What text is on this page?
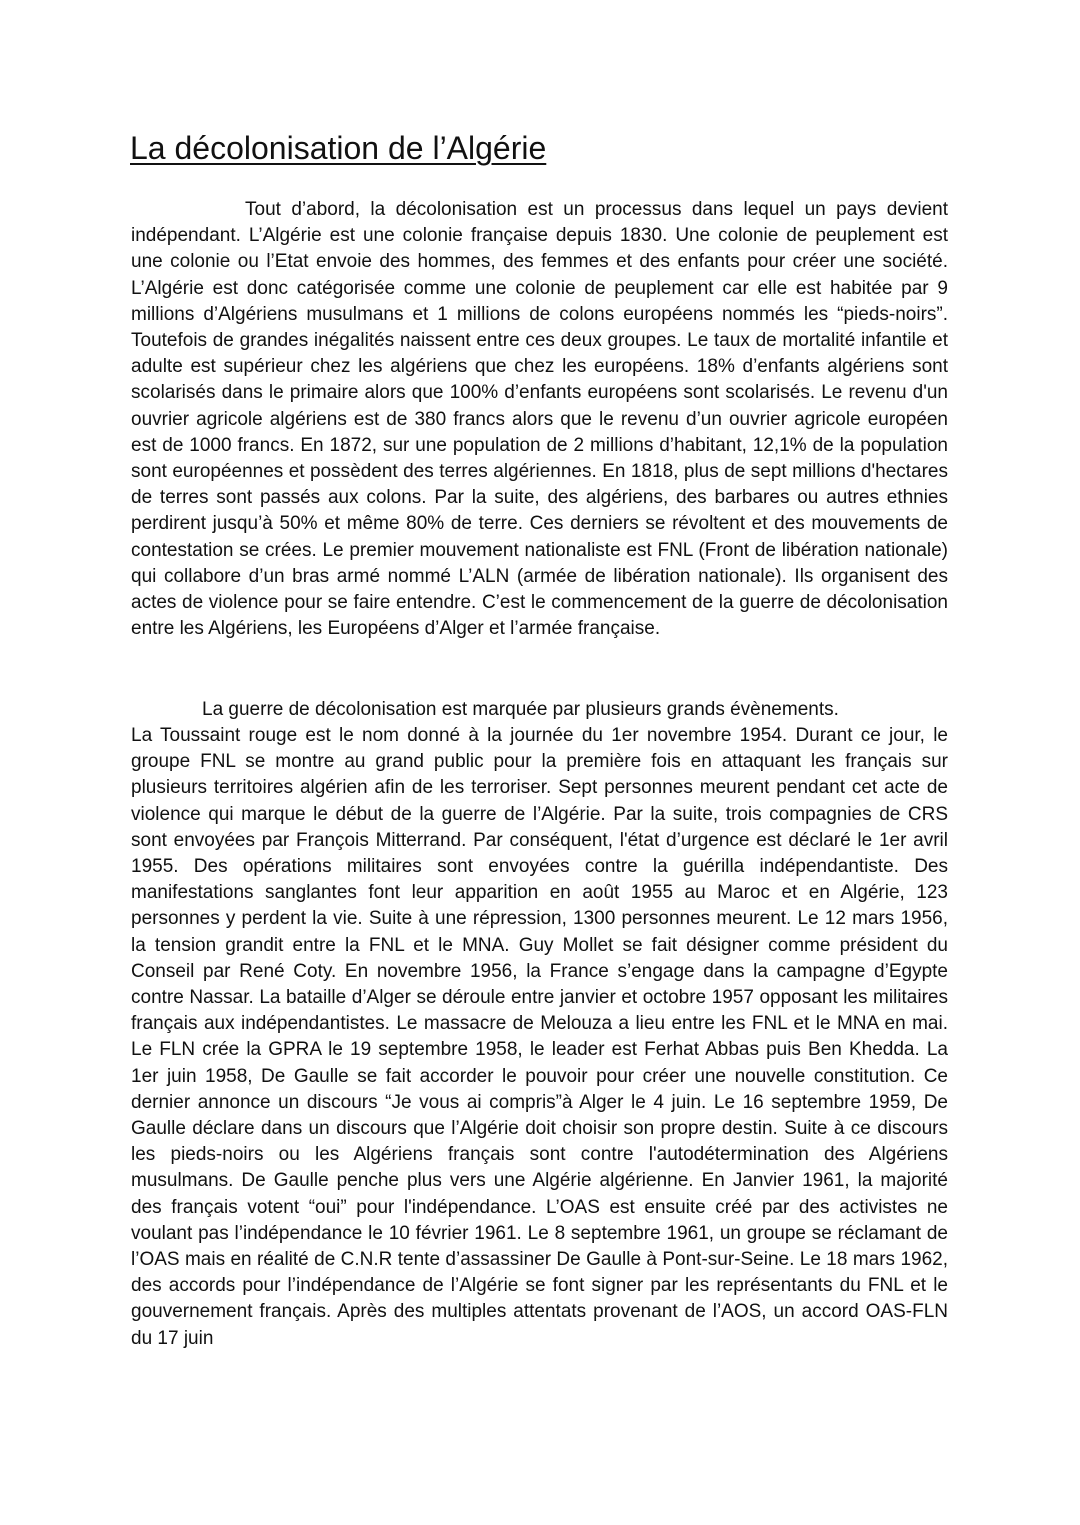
La décolonisation de l’Algérie

Tout d’abord, la décolonisation est un processus dans lequel un pays devient indépendant. L’Algérie est une colonie française depuis 1830. Une colonie de peuplement est une colonie ou l’Etat envoie des hommes, des femmes et des enfants pour créer une société. L’Algérie est donc catégorisée comme une colonie de peuplement car elle est habitée par 9 millions d’Algériens musulmans et 1 millions de colons européens nommés les “pieds-noirs”. Toutefois de grandes inégalités naissent entre ces deux groupes. Le taux de mortalité infantile et adulte est supérieur chez les algériens que chez les européens. 18% d’enfants algériens sont scolarisés dans le primaire alors que 100% d’enfants européens sont scolarisés. Le revenu d'un ouvrier agricole algériens est de 380 francs alors que le revenu d’un ouvrier agricole européen est de 1000 francs. En 1872, sur une population de 2 millions d’habitant, 12,1% de la population sont européennes et possèdent des terres algériennes. En 1818, plus de sept millions d'hectares de terres sont passés aux colons. Par la suite, des algériens, des barbares ou autres ethnies perdirent jusqu’à 50% et même 80% de terre. Ces derniers se révoltent et des mouvements de contestation se crées. Le premier mouvement nationaliste est FNL (Front de libération nationale) qui collabore d’un bras armé nommé L’ALN (armée de libération nationale). Ils organisent des actes de violence pour se faire entendre. C’est le commencement de la guerre de décolonisation entre les Algériens, les Européens d’Alger et l’armée française.

La guerre de décolonisation est marquée par plusieurs grands évènements.

La Toussaint rouge est le nom donné à la journée du 1er novembre 1954. Durant ce jour, le groupe FNL se montre au grand public pour la première fois en attaquant les français sur plusieurs territoires algérien afin de les terroriser. Sept personnes meurent pendant cet acte de violence qui marque le début de la guerre de l’Algérie. Par la suite, trois compagnies de CRS sont envoyées par François Mitterrand. Par conséquent, l'état d’urgence est déclaré le 1er avril 1955. Des opérations militaires sont envoyées contre la guérilla indépendantiste. Des manifestations sanglantes font leur apparition en août 1955 au Maroc et en Algérie, 123 personnes y perdent la vie. Suite à une répression, 1300 personnes meurent. Le 12 mars 1956, la tension grandit entre la FNL et le MNA. Guy Mollet se fait désigner comme président du Conseil par René Coty. En novembre 1956, la France s’engage dans la campagne d’Egypte contre Nassar. La bataille d’Alger se déroule entre janvier et octobre 1957 opposant les militaires français aux indépendantistes. Le massacre de Melouza a lieu entre les FNL et le MNA en mai. Le FLN crée la GPRA le 19 septembre 1958, le leader est Ferhat Abbas puis Ben Khedda. La 1er juin 1958, De Gaulle se fait accorder le pouvoir pour créer une nouvelle constitution. Ce dernier annonce un discours “Je vous ai compris”à Alger le 4 juin. Le 16 septembre 1959, De Gaulle déclare dans un discours que l’Algérie doit choisir son propre destin. Suite à ce discours les pieds-noirs ou les Algériens français sont contre l'autodétermination des Algériens musulmans. De Gaulle penche plus vers une Algérie algérienne. En Janvier 1961, la majorité des français votent “oui” pour l'indépendance. L’OAS est ensuite créé par des activistes ne voulant pas l’indépendance le 10 février 1961. Le 8 septembre 1961, un groupe se réclamant de l’OAS mais en réalité de C.N.R tente d’assassiner De Gaulle à Pont-sur-Seine. Le 18 mars 1962, des accords pour l’indépendance de l’Algérie se font signer par les représentants du FNL et le gouvernement français. Après des multiples attentats provenant de l’AOS, un accord OAS-FLN du 17 juin
